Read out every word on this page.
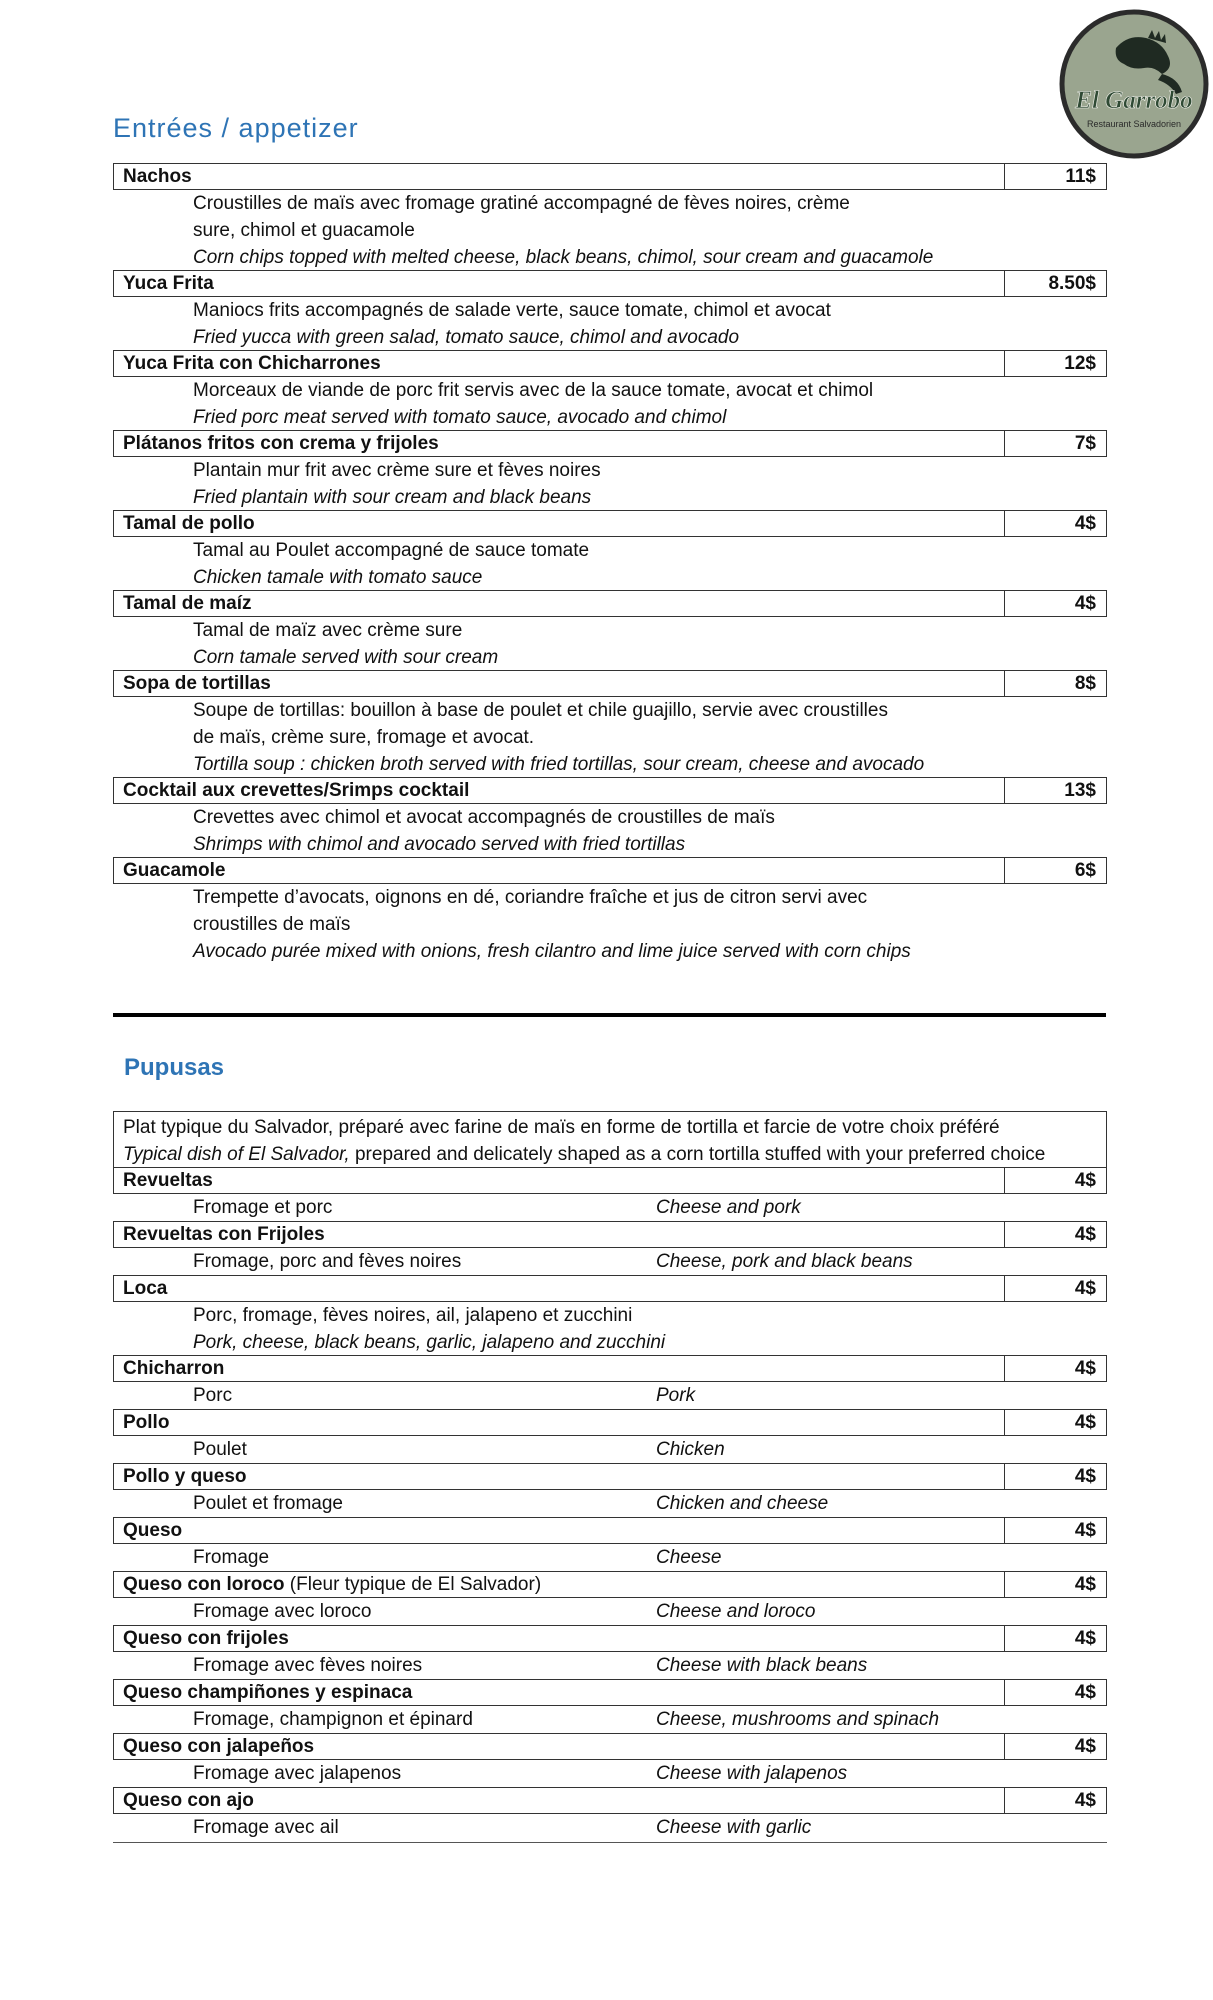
El Garrobo
Restaurant Salvadorien
Entrées / appetizer
Nachos	11$
Croustilles de maïs avec fromage gratiné accompagné de fèves noires, crème sure, chimol et guacamole
Corn chips topped with melted cheese, black beans, chimol, sour cream and guacamole
Yuca Frita	8.50$
Maniocs frits accompagnés de salade verte, sauce tomate, chimol et avocat
Fried yucca with green salad, tomato sauce, chimol and avocado
Yuca Frita con Chicharrones	12$
Morceaux de viande de porc frit servis avec de la sauce tomate, avocat et chimol
Fried porc meat served with tomato sauce, avocado and chimol
Plátanos fritos con crema y frijoles	7$
Plantain mur frit avec crème sure et fèves noires
Fried plantain with sour cream and black beans
Tamal de pollo	4$
Tamal au Poulet accompagné de sauce tomate
Chicken tamale with tomato sauce
Tamal de maíz	4$
Tamal de maïz avec crème sure
Corn tamale served with sour cream
Sopa de tortillas	8$
Soupe de tortillas: bouillon à base de poulet et chile guajillo, servie avec croustilles de maïs, crème sure, fromage et avocat.
Tortilla soup : chicken broth served with fried tortillas, sour cream, cheese and avocado
Cocktail aux crevettes/Srimps cocktail	13$
Crevettes avec chimol et avocat accompagnés de croustilles de maïs
Shrimps with chimol and avocado served with fried tortillas
Guacamole	6$
Trempette d’avocats, oignons en dé, coriandre fraîche et jus de citron servi avec croustilles de maïs
Avocado purée mixed with onions, fresh cilantro and lime juice served with corn chips
Pupusas
Plat typique du Salvador, préparé avec farine de maïs en forme de tortilla et farcie de votre choix préféré
Typical dish of El Salvador, prepared and delicately shaped as a corn tortilla stuffed with your preferred choice
Revueltas	4$
Fromage et porc	Cheese and pork
Revueltas con Frijoles	4$
Fromage, porc and fèves noires	Cheese, pork and black beans
Loca	4$
Porc, fromage, fèves noires, ail, jalapeno et zucchini
Pork, cheese, black beans, garlic, jalapeno and zucchini
Chicharron	4$
Porc	Pork
Pollo	4$
Poulet	Chicken
Pollo y queso	4$
Poulet et fromage	Chicken and cheese
Queso	4$
Fromage	Cheese
Queso con loroco (Fleur typique de El Salvador)	4$
Fromage avec loroco	Cheese and loroco
Queso con frijoles	4$
Fromage avec fèves noires	Cheese with black beans
Queso champiñones y espinaca	4$
Fromage, champignon et épinard	Cheese, mushrooms and spinach
Queso con jalapeños	4$
Fromage avec jalapenos	Cheese with jalapenos
Queso con ajo	4$
Fromage avec ail	Cheese with garlic
